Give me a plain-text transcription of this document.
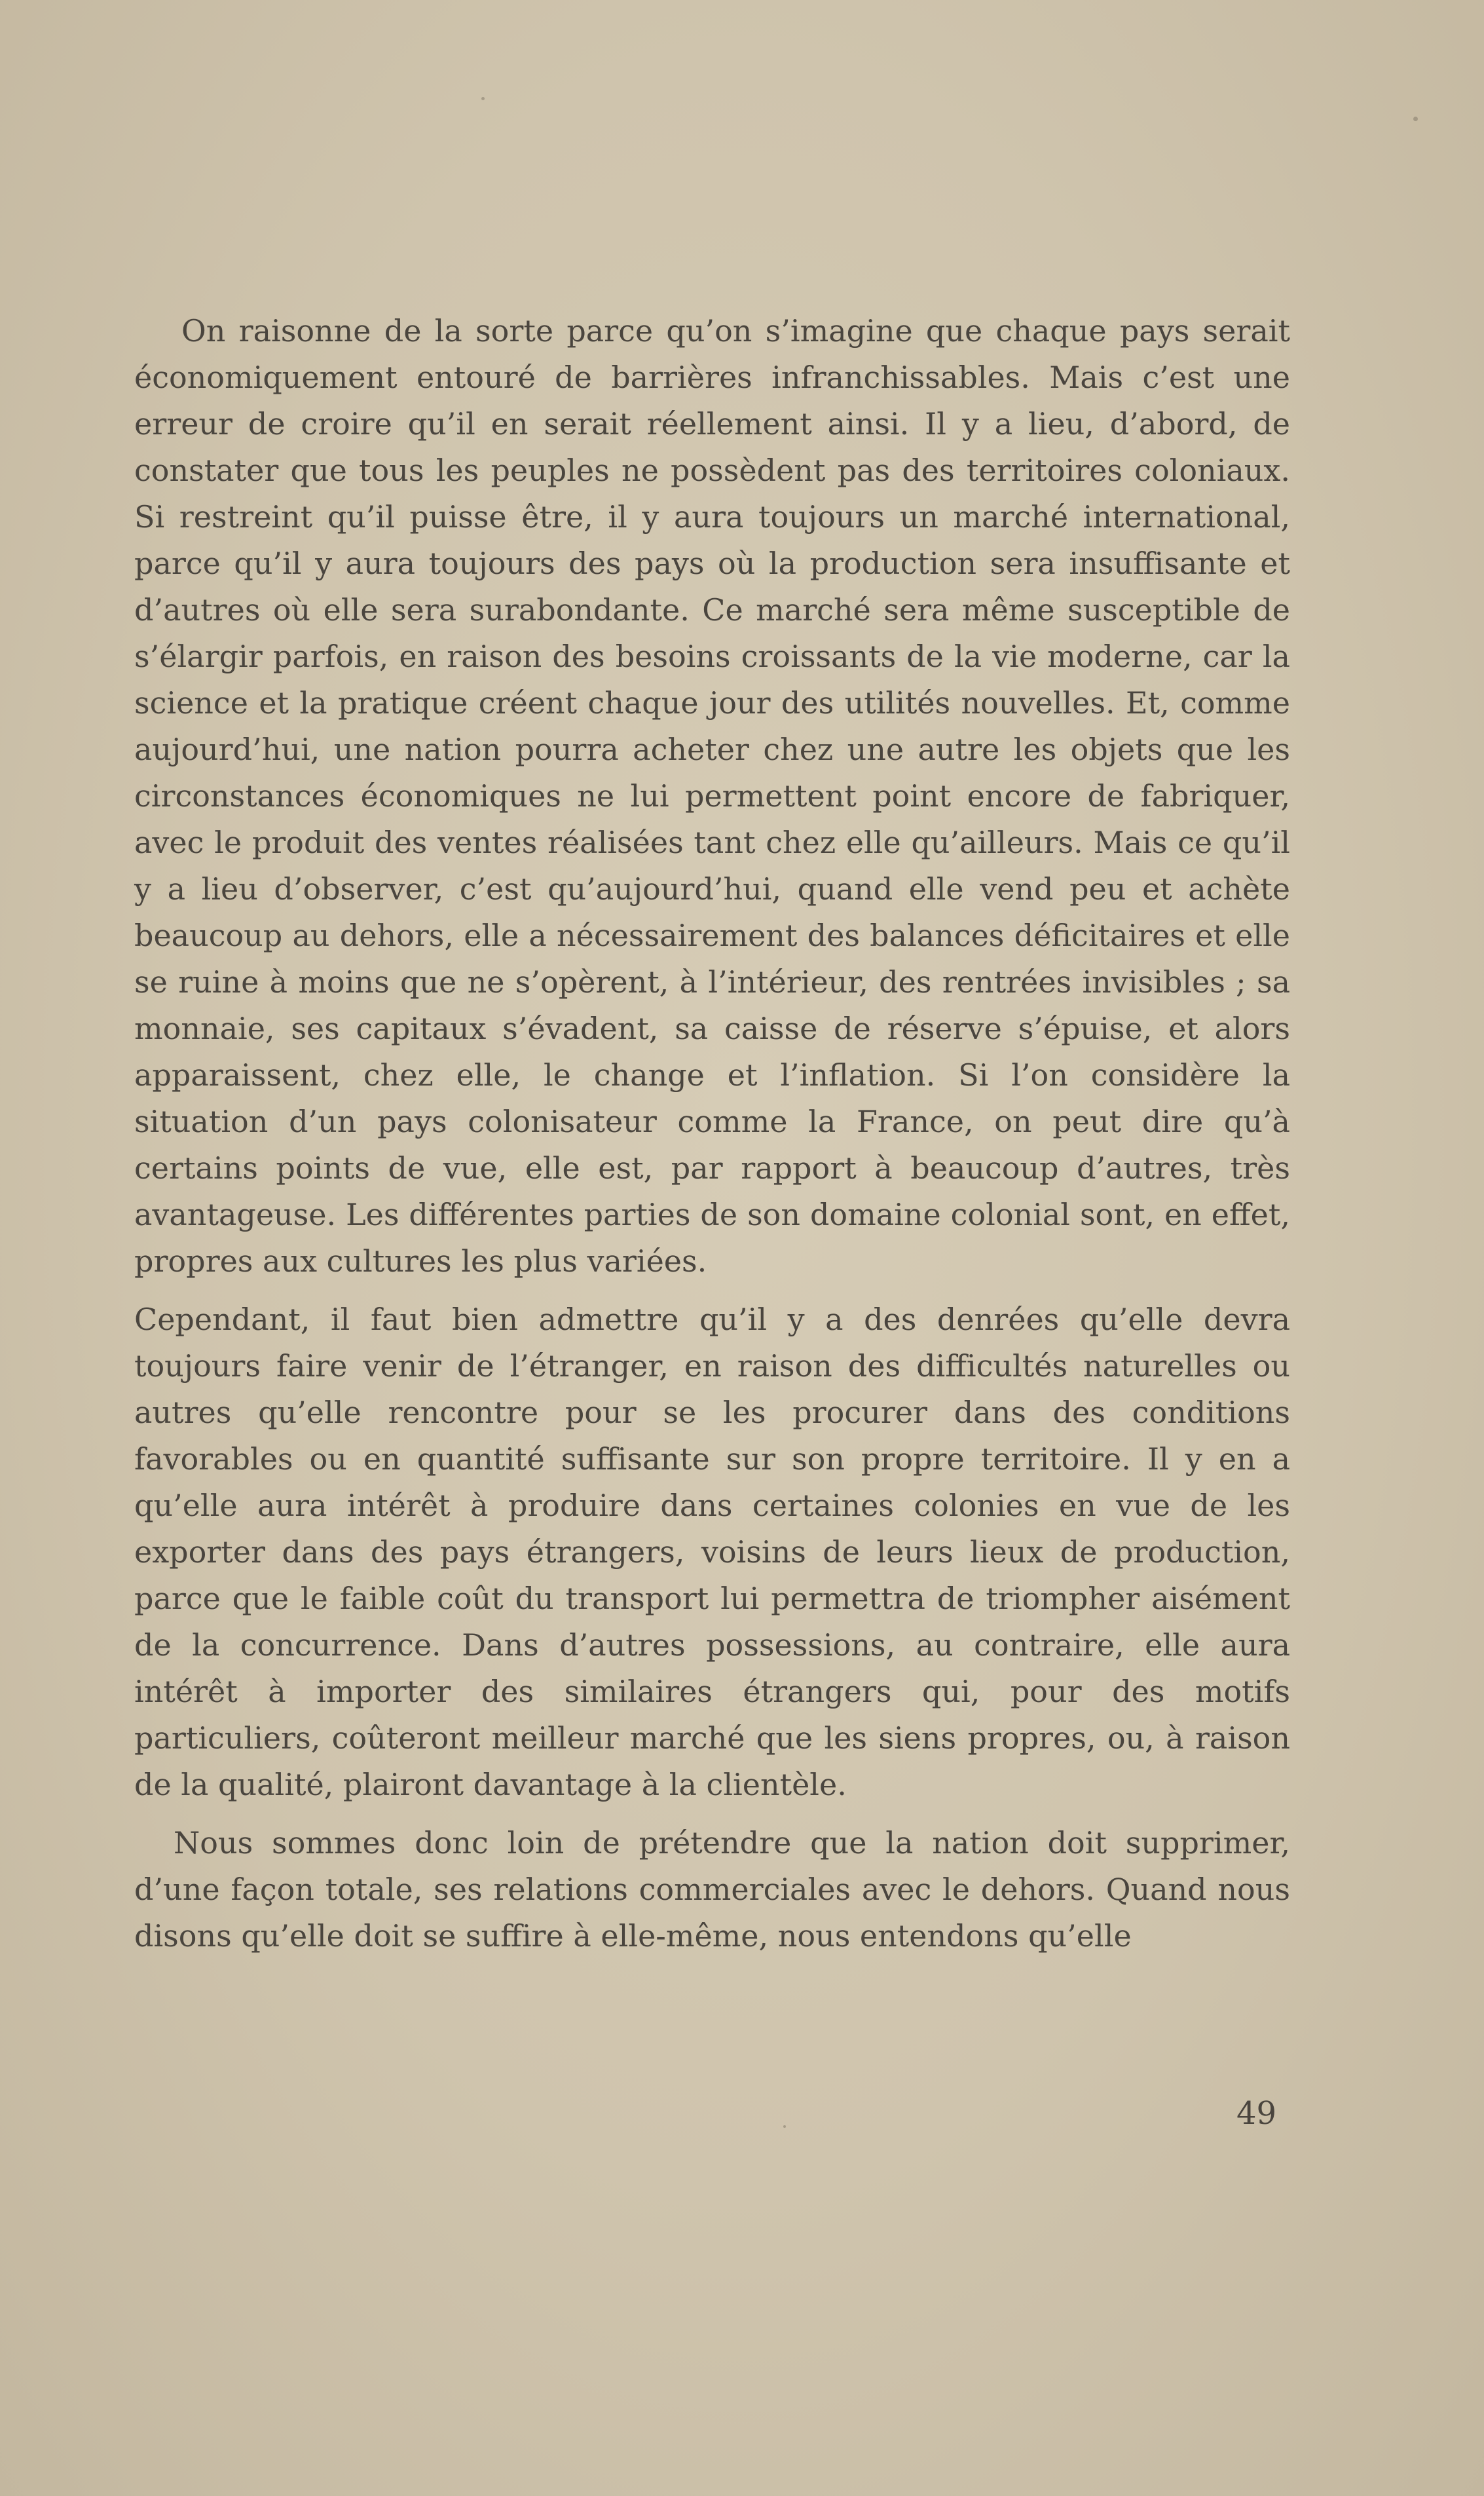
On raisonne de la sorte parce qu’on s’imagine que chaque pays serait économiquement entouré de barrières infranchissables. Mais c’est une erreur de croire qu’il en serait réellement ainsi. Il y a lieu, d’abord, de constater que tous les peuples ne possèdent pas des territoires coloniaux. Si restreint qu’il puisse être, il y aura toujours un marché international, parce qu’il y aura toujours des pays où la production sera insuffisante et d’autres où elle sera surabondante. Ce marché sera même susceptible de s’élargir parfois, en raison des besoins croissants de la vie moderne, car la science et la pratique créent chaque jour des utilités nouvelles. Et, comme aujourd’hui, une nation pourra acheter chez une autre les objets que les circonstances économiques ne lui permettent point encore de fabriquer, avec le produit des ventes réalisées tant chez elle qu’ailleurs. Mais ce qu’il y a lieu d’observer, c’est qu’aujourd’hui, quand elle vend peu et achète beaucoup au dehors, elle a nécessairement des balances déficitaires et elle se ruine à moins que ne s’opèrent, à l’intérieur, des rentrées invisibles ; sa monnaie, ses capitaux s’évadent, sa caisse de réserve s’épuise, et alors apparaissent, chez elle, le change et l’inflation. Si l’on considère la situation d’un pays colonisateur comme la France, on peut dire qu’à certains points de vue, elle est, par rapport à beaucoup d’autres, très avantageuse. Les différentes parties de son domaine colonial sont, en effet, propres aux cultures les plus variées.

Cependant, il faut bien admettre qu’il y a des denrées qu’elle devra toujours faire venir de l’étranger, en raison des difficultés naturelles ou autres qu’elle rencontre pour se les procurer dans des conditions favorables ou en quantité suffisante sur son propre territoire. Il y en a qu’elle aura intérêt à produire dans certaines colonies en vue de les exporter dans des pays étrangers, voisins de leurs lieux de production, parce que le faible coût du transport lui permettra de triompher aisément de la concurrence. Dans d’autres possessions, au contraire, elle aura intérêt à importer des similaires étrangers qui, pour des motifs particuliers, coûteront meilleur marché que les siens propres, ou, à raison de la qualité, plairont davantage à la clientèle.

Nous sommes donc loin de prétendre que la nation doit supprimer, d’une façon totale, ses relations commerciales avec le dehors. Quand nous disons qu’elle doit se suffire à elle-même, nous entendons qu’elle

49
